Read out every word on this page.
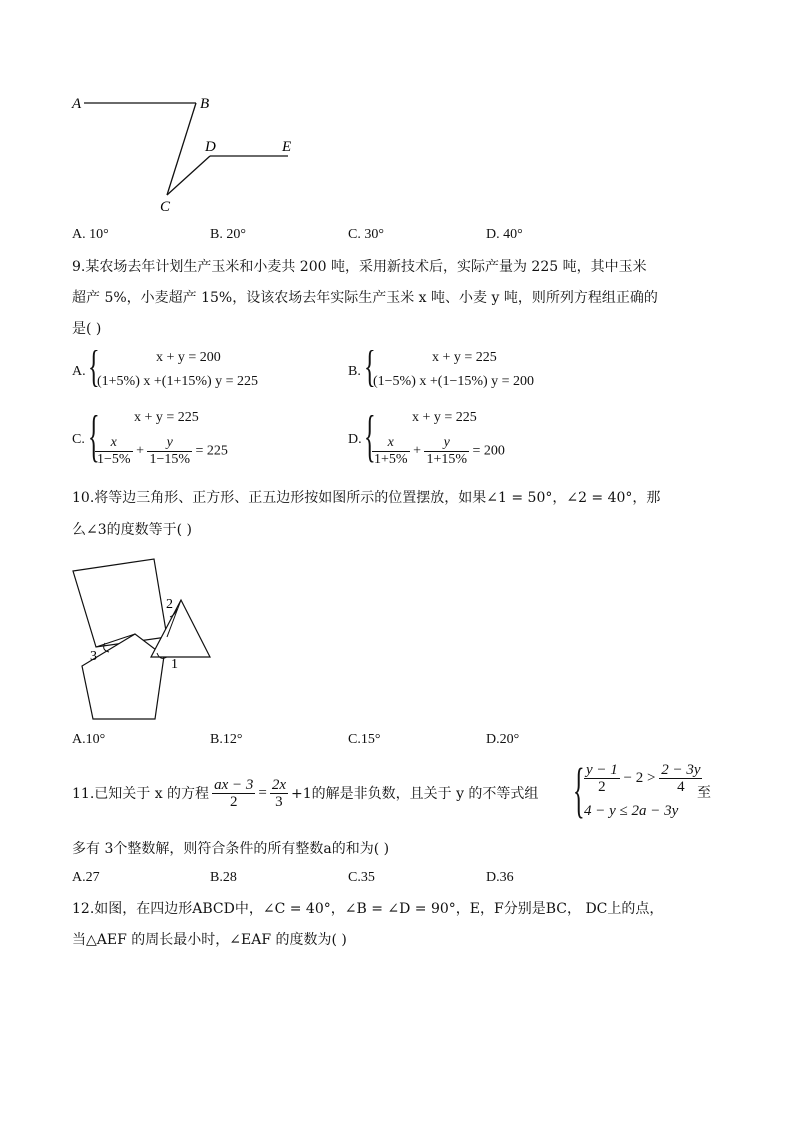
A	B
C
D	E
A. 10°	B. 20°	C. 30°	D. 40°
9.某农场去年计划生产玉米和小麦共 200 吨，采用新技术后，实际产量为 225 吨，其中玉米
超产 5%，小麦超产 15%，设该农场去年实际生产玉米 x 吨、小麦 y 吨，则所列方程组正确的
是( )
A. {	x + y = 200
(1+5%) x +(1+15%) y = 225
B. {	x + y = 225
(1−5%) x +(1−15%) y = 200
C. { x + y = 225
$\frac{x}{1-5\%} + \frac{y}{1-15\%} = 225$
D. {	x + y = 225
$\frac{x}{1+5\%} + \frac{y}{1+15\%} = 200$
10.将等边三角形、正方形、正五边形按如图所示的位置摆放，如果∠1 = 50°，∠2 = 40°，那
么∠3的度数等于( )
2
3
1
A.10°	B.12°	C.15°	D.20°
11.已知关于 x 的方程 $\frac{ax - 3}{2} = \frac{2x}{3} +1$的解是非负数，且关于 y 的不等式组 { $\frac{y - 1}{2} - 2 > \frac{2 - 3y}{4}$
4 − y ≤ 2a − 3y
至
多有 3个整数解，则符合条件的所有整数a的和为( )
A.27	B.28	C.35	D.36
12.如图，在四边形ABCD中，∠C = 40°，∠B = ∠D = 90°，E，F分别是BC， DC上的点，
当△AEF 的周长最小时，∠EAF 的度数为( )
